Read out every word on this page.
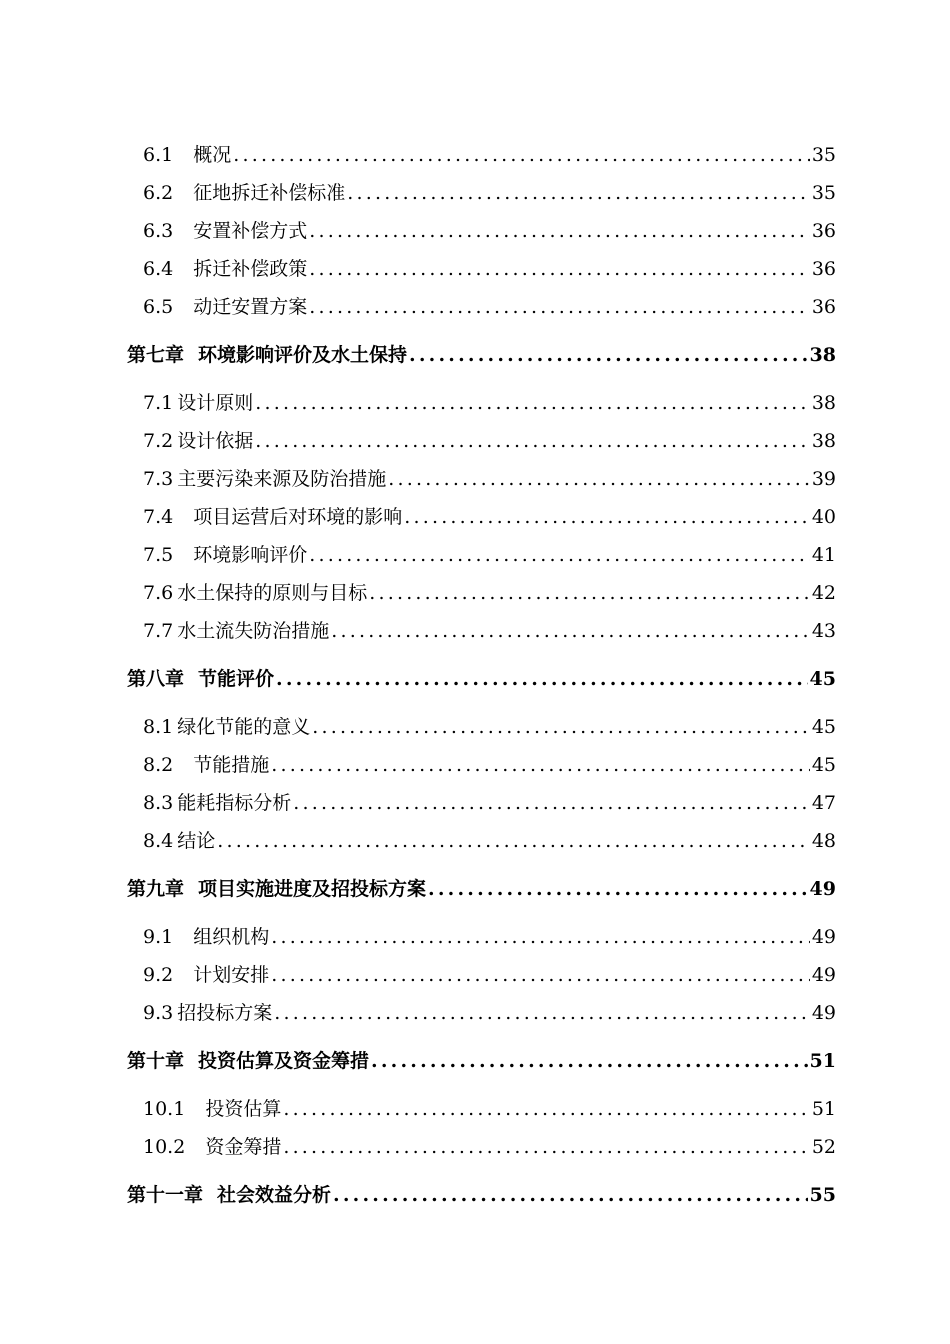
6.1 概况 .....	35
6.2 征地拆迁补偿标准 .....	35
6.3 安置补偿方式 .....	36
6.4 拆迁补偿政策 .....	36
6.5 动迁安置方案 .....	36
第七章 环境影响评价及水土保持 .....	38
7.1 设计原则 .....	38
7.2 设计依据 .....	38
7.3 主要污染来源及防治措施 .....	39
7.4 项目运营后对环境的影响 .....	40
7.5 环境影响评价 .....	41
7.6 水土保持的原则与目标 .....	42
7.7 水土流失防治措施 .....	43
第八章 节能评价 .....	45
8.1 绿化节能的意义 .....	45
8.2 节能措施 .....	45
8.3 能耗指标分析 .....	47
8.4 结论 .....	48
第九章 项目实施进度及招投标方案 .....	49
9.1 组织机构 .....	49
9.2 计划安排 .....	49
9.3 招投标方案 .....	49
第十章 投资估算及资金筹措 .....	51
10.1 投资估算 .....	51
10.2 资金筹措 .....	52
第十一章 社会效益分析 .....	55
